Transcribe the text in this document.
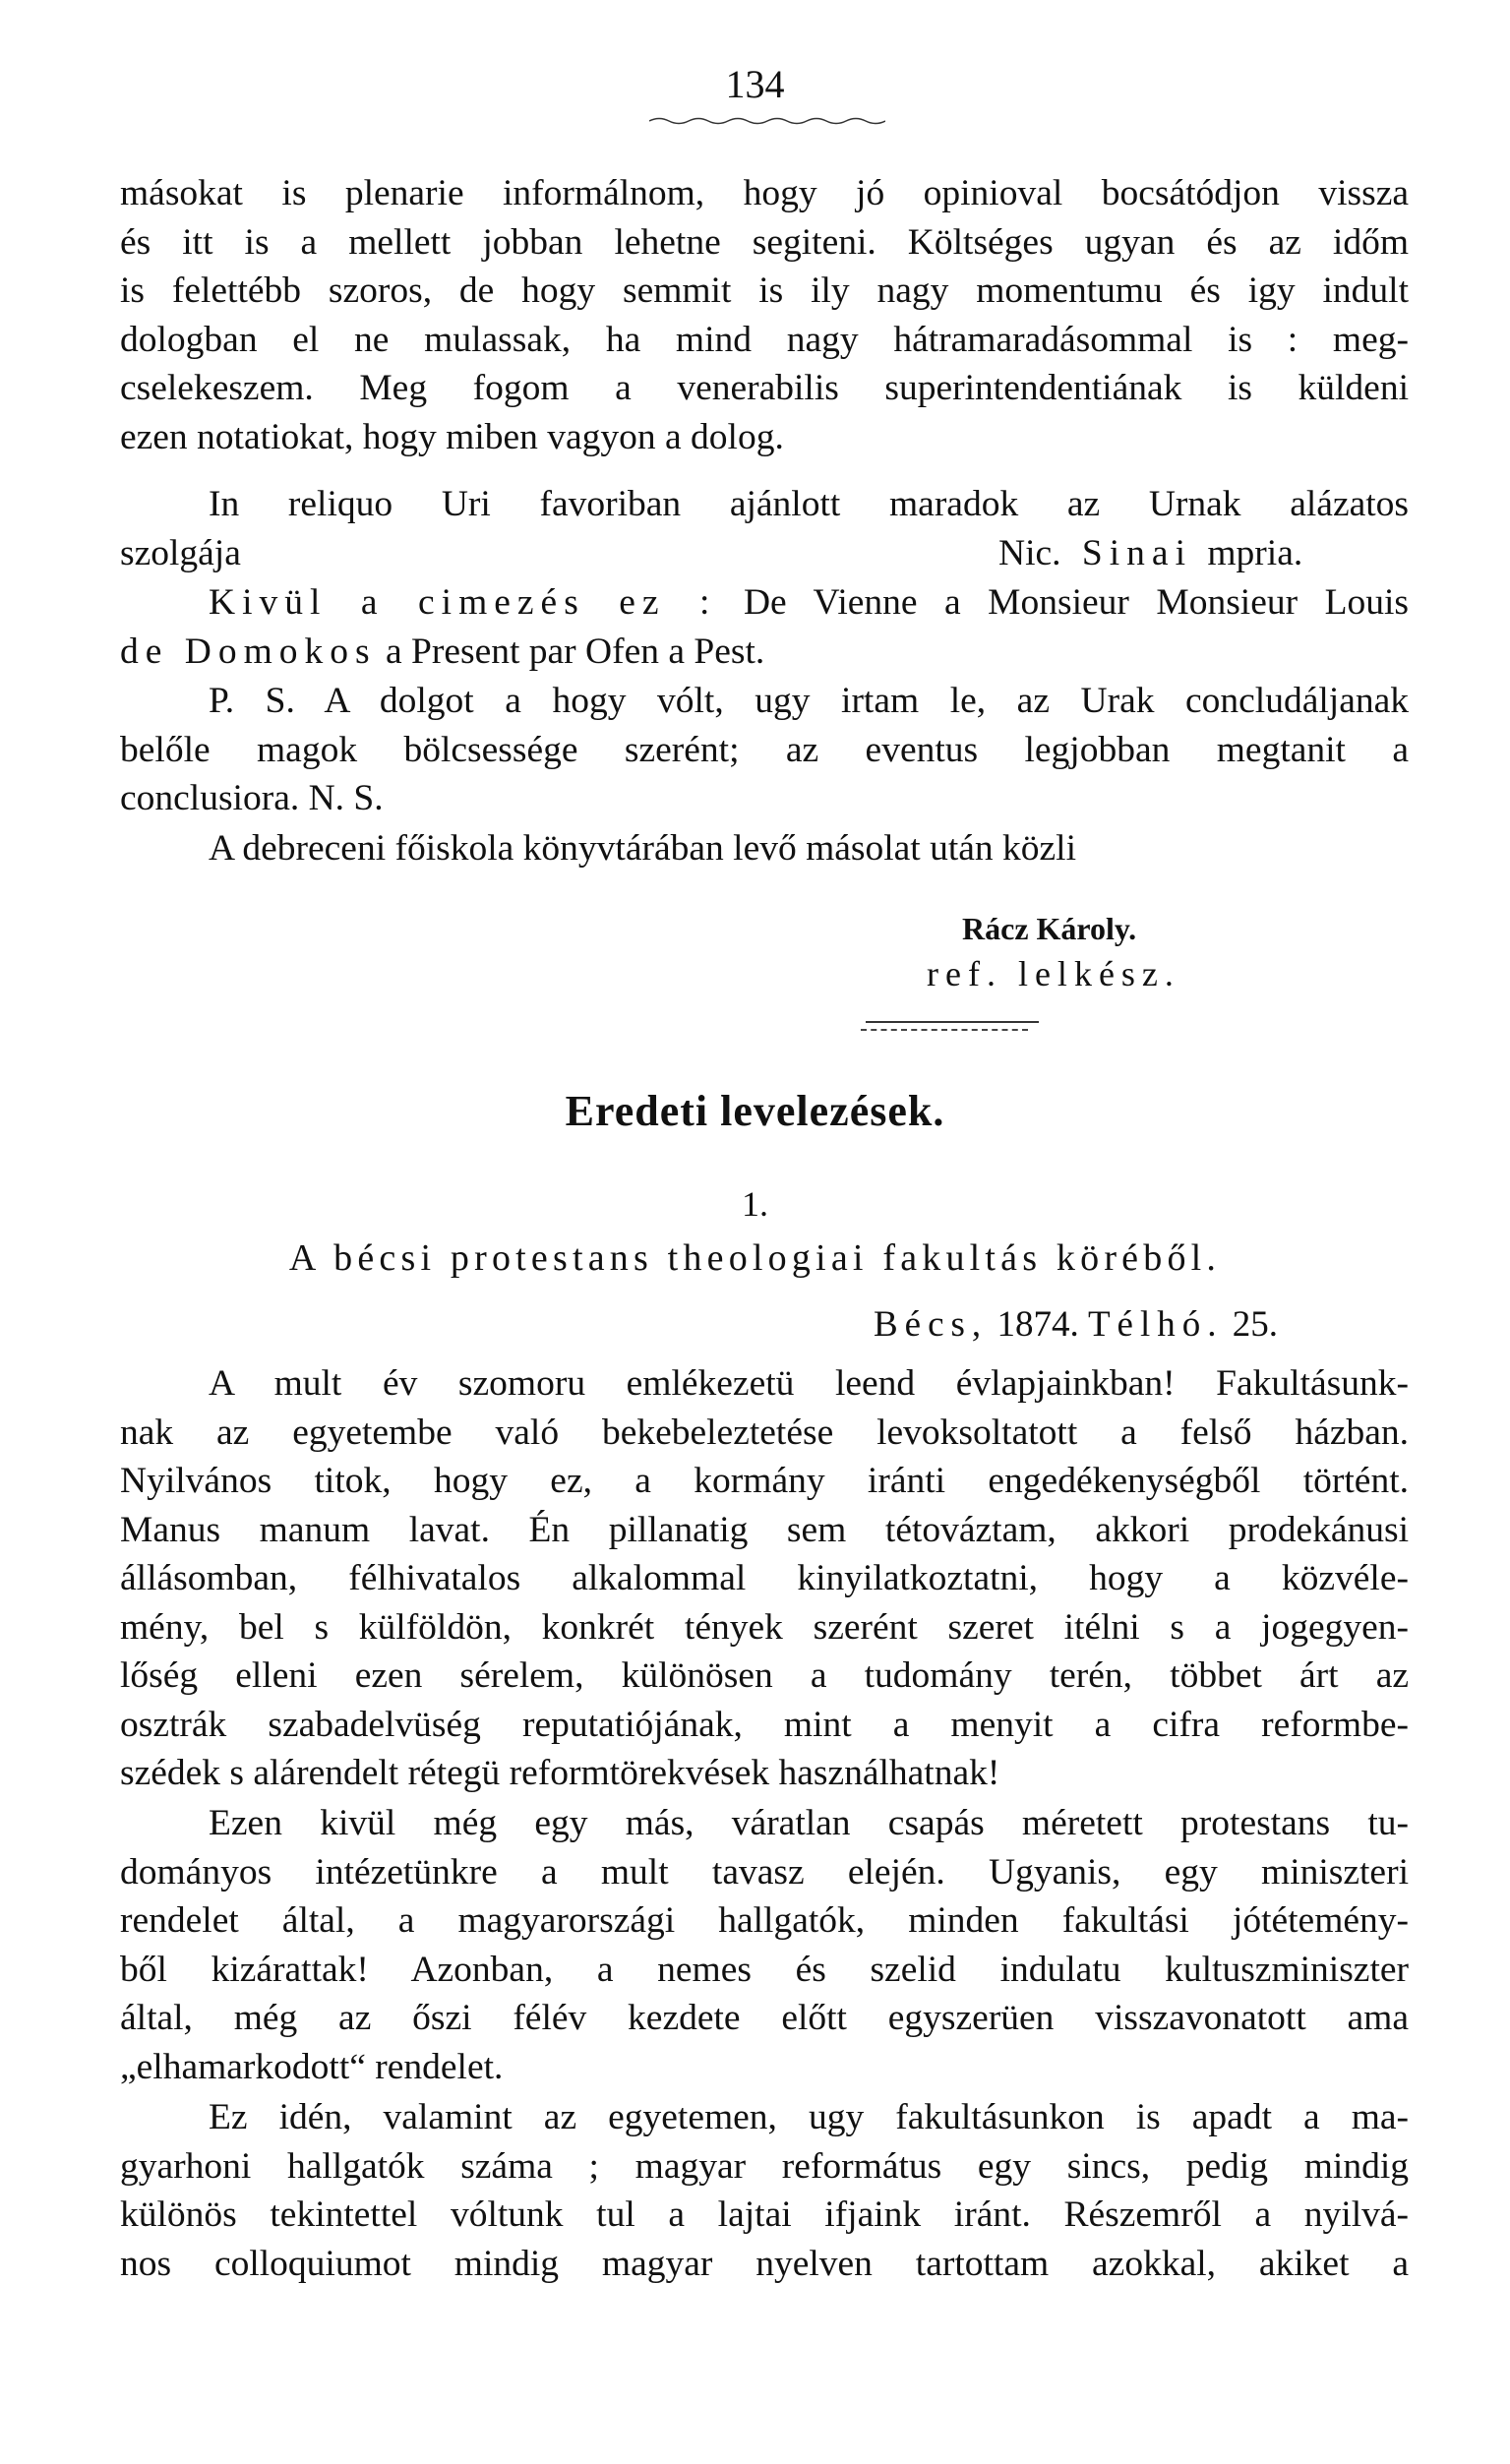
134
másokat is plenarie informálnom, hogy jó opinioval bocsátódjon vissza
és itt is a mellett jobban lehetne segiteni. Költséges ugyan és az időm
is felettébb szoros, de hogy semmit is ily nagy momentumu és igy indult
dologban el ne mulassak, ha mind nagy hátramaradásommal is : meg-
cselekeszem. Meg fogom a venerabilis superintendentiának is küldeni
ezen notatiokat, hogy miben vagyon a dolog.
In reliquo Uri favoriban ajánlott maradok az Urnak alázatos
szolgája	Nic. Sinai mpria.
Kivül a cimezés ez : De Vienne a Monsieur Monsieur Louis
de Domokos a Present par Ofen a Pest.
P. S. A dolgot a hogy vólt, ugy irtam le, az Urak concludáljanak
belőle magok bölcsessége szerént; az eventus legjobban megtanit a
conclusiora. N. S.
A debreceni főiskola könyvtárában levő másolat után közli
Rácz Károly.
ref. lelkész.
Eredeti levelezések.
1.
A bécsi protestans theologiai fakultás köréből.
Bécs, 1874. Télhó. 25.
A mult év szomoru emlékezetü leend évlapjainkban! Fakultásunk-
nak az egyetembe való bekebeleztetése levoksoltatott a felső házban.
Nyilvános titok, hogy ez, a kormány iránti engedékenységből történt.
Manus manum lavat. Én pillanatig sem tétováztam, akkori prodekánusi
állásomban, félhivatalos alkalommal kinyilatkoztatni, hogy a közvéle-
mény, bel s külföldön, konkrét tények szerént szeret itélni s a jogegyen-
lőség elleni ezen sérelem, különösen a tudomány terén, többet árt az
osztrák szabadelvüség reputatiójának, mint a menyit a cifra reformbe-
szédek s alárendelt rétegü reformtörekvések használhatnak!
Ezen kivül még egy más, váratlan csapás méretett protestans tu-
dományos intézetünkre a mult tavasz elején. Ugyanis, egy miniszteri
rendelet által, a magyarországi hallgatók, minden fakultási jótétemény-
ből kizárattak! Azonban, a nemes és szelid indulatu kultuszminiszter
által, még az őszi félév kezdete előtt egyszerüen visszavonatott ama
„elhamarkodott“ rendelet.
Ez idén, valamint az egyetemen, ugy fakultásunkon is apadt a ma-
gyarhoni hallgatók száma ; magyar református egy sincs, pedig mindig
különös tekintettel vóltunk tul a lajtai ifjaink iránt. Részemről a nyilvá-
nos colloquiumot mindig magyar nyelven tartottam azokkal, akiket a
